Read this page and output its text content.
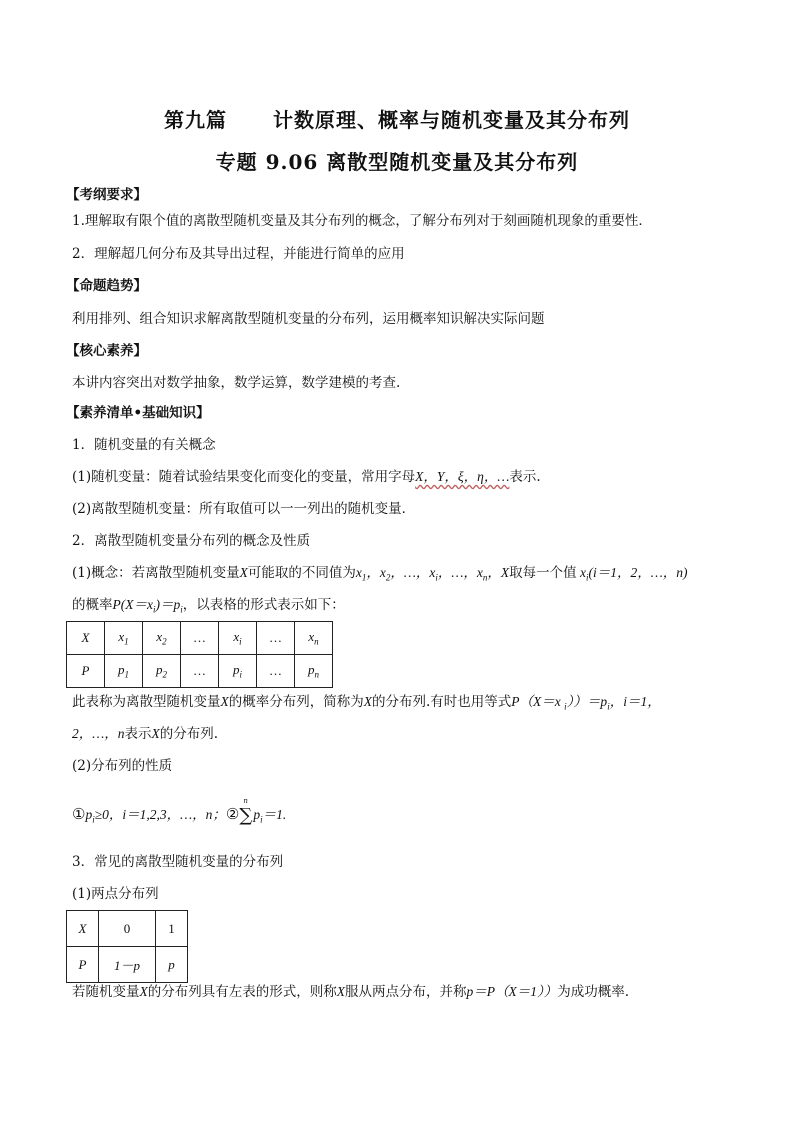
第九篇 计数原理、概率与随机变量及其分布列
专题 9.06 离散型随机变量及其分布列
【考纲要求】
1.理解取有限个值的离散型随机变量及其分布列的概念，了解分布列对于刻画随机现象的重要性．
2．理解超几何分布及其导出过程，并能进行简单的应用
【命题趋势】
利用排列、组合知识求解离散型随机变量的分布列，运用概率知识解决实际问题
【核心素养】
本讲内容突出对数学抽象，数学运算，数学建模的考查.
【素养清单•基础知识】
1．随机变量的有关概念
(1)随机变量：随着试验结果变化而变化的变量，常用字母X，Y，ξ，η，…表示.
(2)离散型随机变量：所有取值可以一一列出的随机变量．
2．离散型随机变量分布列的概念及性质
(1)概念：若离散型随机变量X可能取的不同值为$x_1$，$x_2$，…，$x_i$，…，$x_n$，X取每一个值 $x_i(i=1$，2，…，n)
的概率$P(X=x_i)=p_i$，以表格的形式表示如下：
X	$x_1$	$x_2$	…	$x_i$	…	$x_n$
P	$p_1$	$p_2$	…	$p_i$	…	$p_n$
此表称为离散型随机变量X的概率分布列，简称为X的分布列.有时也用等式P（X＝x $_i))=p_i$，i＝1，
2，…，n表示X的分布列.
(2)分布列的性质
$①p_i\ge 0$，i＝1,2,3，…，n；②
n
$\sum p_i=1$.
3．常见的离散型随机变量的分布列
(1)两点分布列
X	0	1
P	1－p	p
若随机变量X的分布列具有左表的形式，则称X服从两点分布，并称p＝P（X＝1））为成功概率.
